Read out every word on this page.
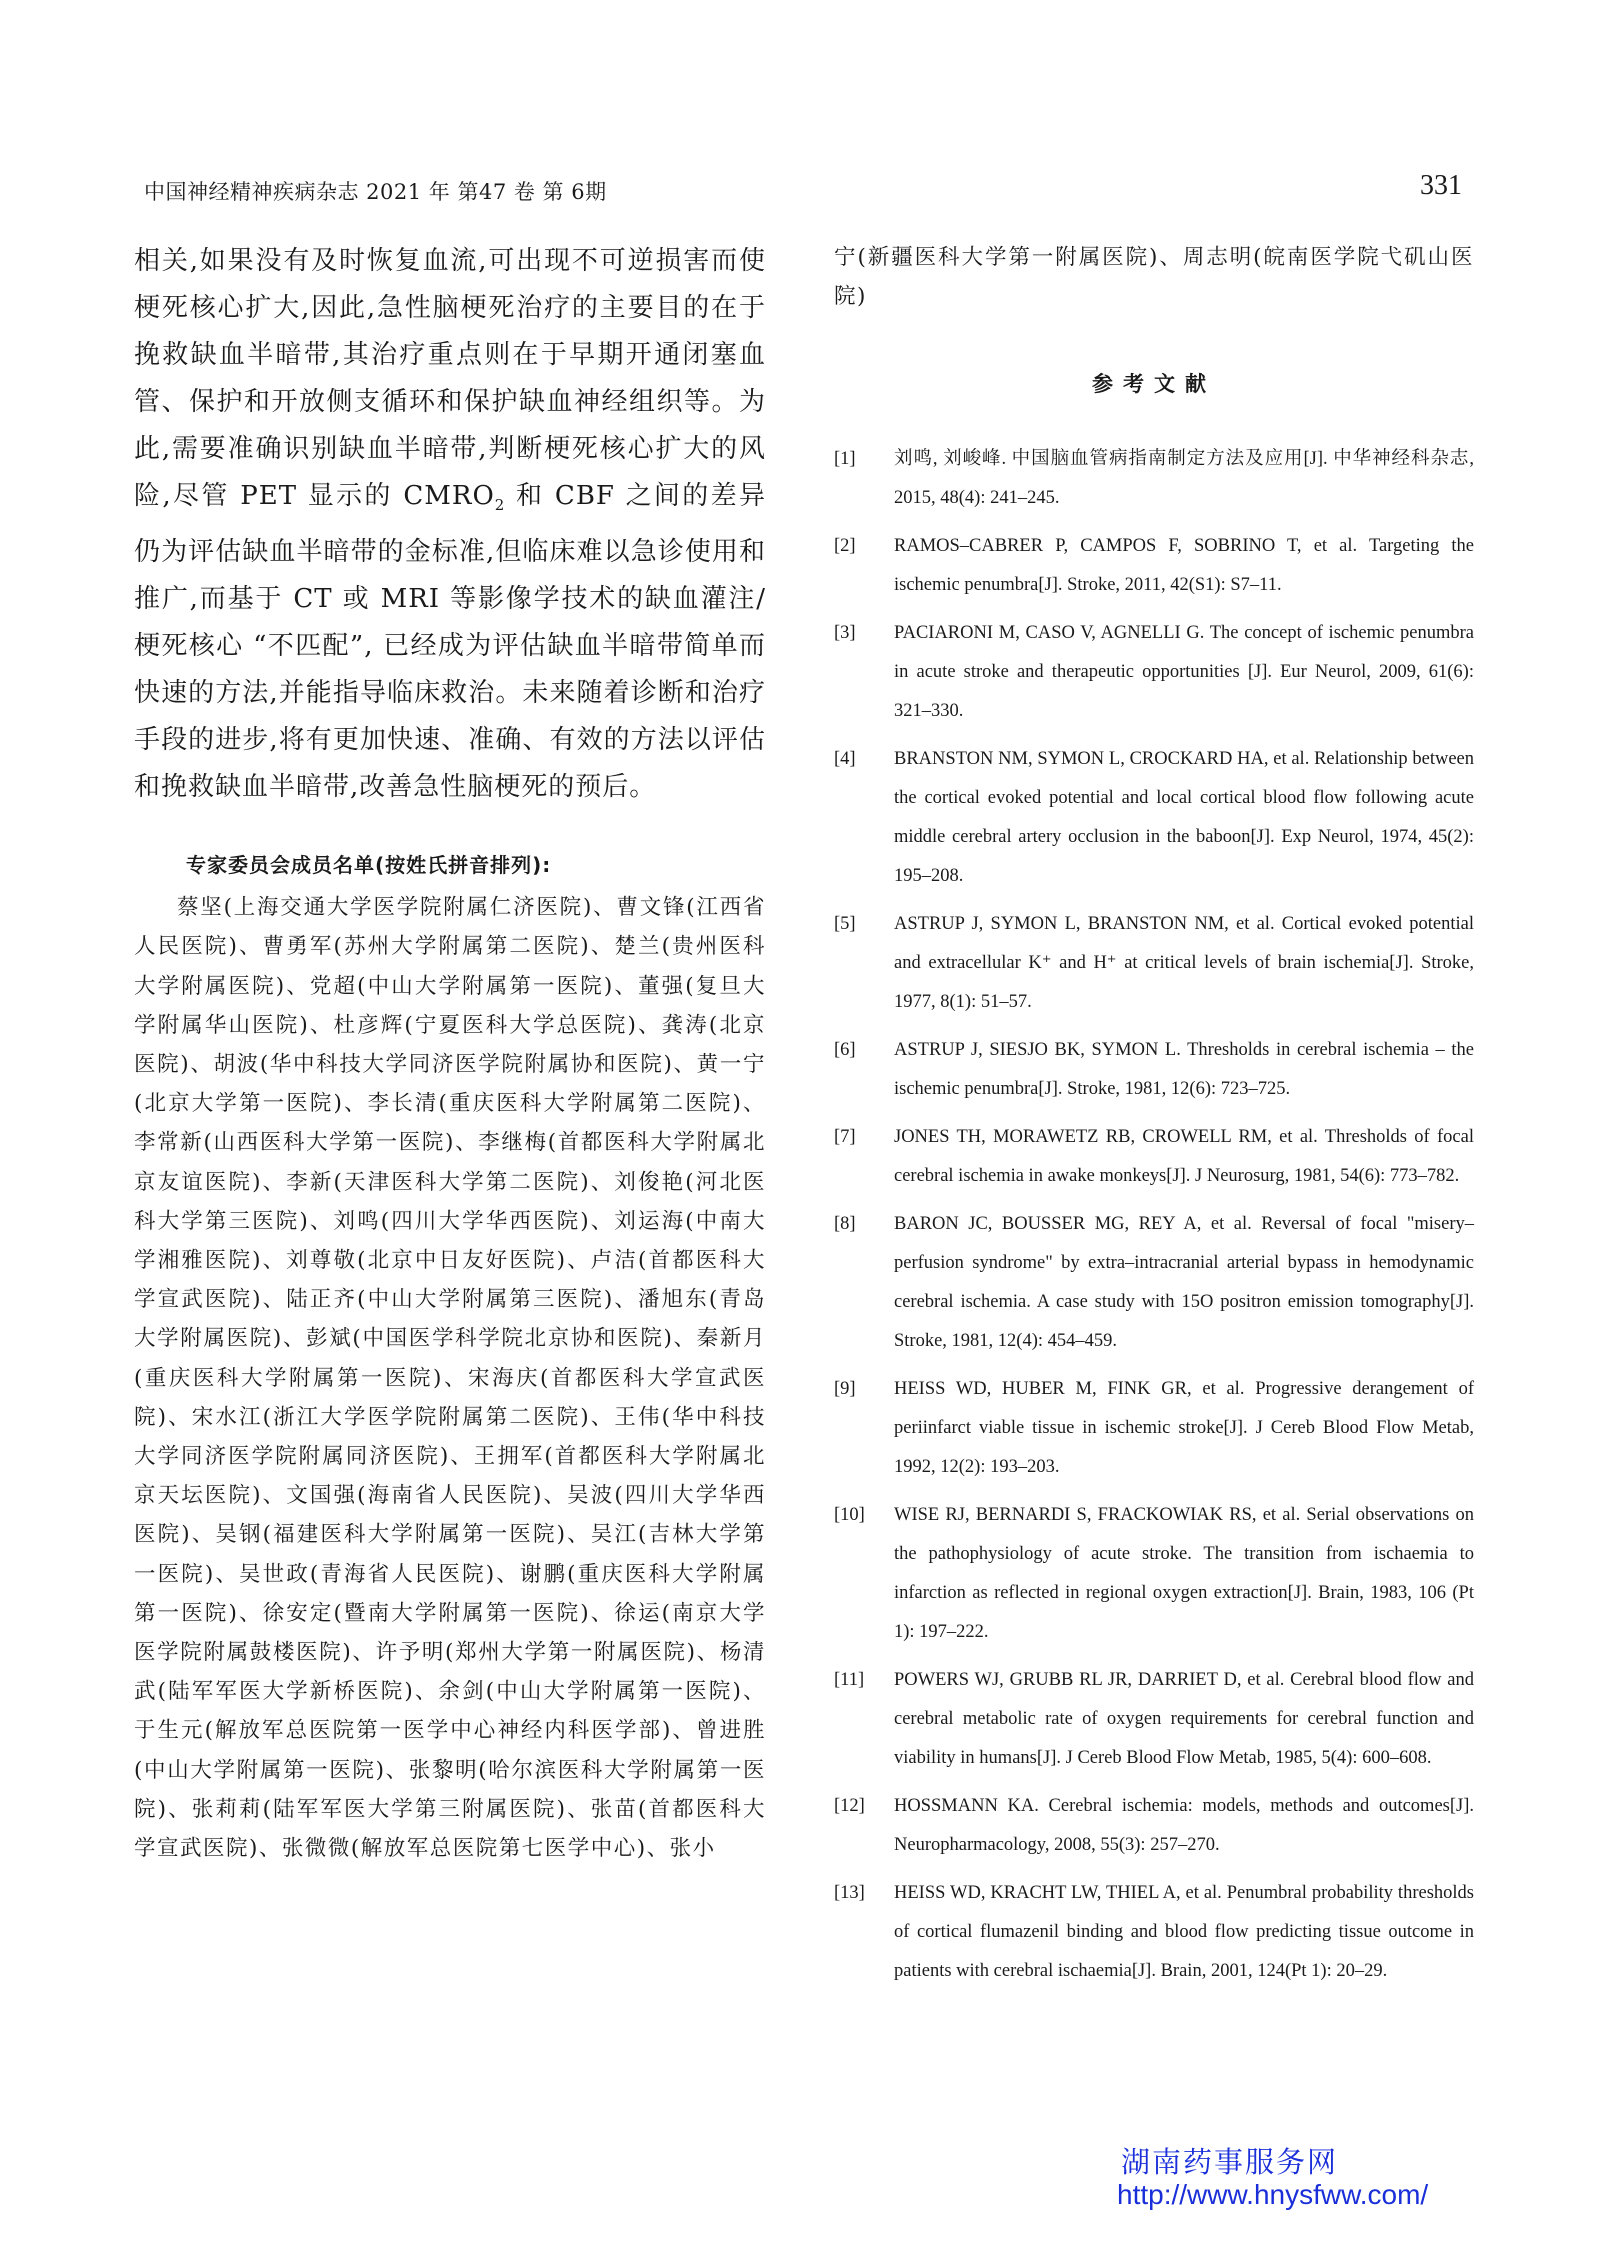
中国神经精神疾病杂志 2021 年 第47 卷 第 6期	331

相关,如果没有及时恢复血流,可出现不可逆损害而使梗死核心扩大,因此,急性脑梗死治疗的主要目的在于挽救缺血半暗带,其治疗重点则在于早期开通闭塞血管、保护和开放侧支循环和保护缺血神经组织等。为此,需要准确识别缺血半暗带,判断梗死核心扩大的风险,尽管 PET 显示的 $CMRO_2$ 和 CBF 之间的差异仍为评估缺血半暗带的金标准,但临床难以急诊使用和推广,而基于 CT 或 MRI 等影像学技术的缺血灌注/梗死核心 “不匹配”, 已经成为评估缺血半暗带简单而快速的方法,并能指导临床救治。未来随着诊断和治疗手段的进步,将有更加快速、准确、有效的方法以评估和挽救缺血半暗带,改善急性脑梗死的预后。

专家委员会成员名单(按姓氏拼音排列):

蔡坚(上海交通大学医学院附属仁济医院)、曹文锋(江西省人民医院)、曹勇军(苏州大学附属第二医院)、楚兰(贵州医科大学附属医院)、党超(中山大学附属第一医院)、董强(复旦大学附属华山医院)、杜彦辉(宁夏医科大学总医院)、龚涛(北京医院)、胡波(华中科技大学同济医学院附属协和医院)、黄一宁(北京大学第一医院)、李长清(重庆医科大学附属第二医院)、李常新(山西医科大学第一医院)、李继梅(首都医科大学附属北京友谊医院)、李新(天津医科大学第二医院)、刘俊艳(河北医科大学第三医院)、刘鸣(四川大学华西医院)、刘运海(中南大学湘雅医院)、刘尊敬(北京中日友好医院)、卢洁(首都医科大学宣武医院)、陆正齐(中山大学附属第三医院)、潘旭东(青岛大学附属医院)、彭斌(中国医学科学院北京协和医院)、秦新月(重庆医科大学附属第一医院)、宋海庆(首都医科大学宣武医院)、宋水江(浙江大学医学院附属第二医院)、王伟(华中科技大学同济医学院附属同济医院)、王拥军(首都医科大学附属北京天坛医院)、文国强(海南省人民医院)、吴波(四川大学华西医院)、吴钢(福建医科大学附属第一医院)、吴江(吉林大学第一医院)、吴世政(青海省人民医院)、谢鹏(重庆医科大学附属第一医院)、徐安定(暨南大学附属第一医院)、徐运(南京大学医学院附属鼓楼医院)、许予明(郑州大学第一附属医院)、杨清武(陆军军医大学新桥医院)、余剑(中山大学附属第一医院)、于生元(解放军总医院第一医学中心神经内科医学部)、曾进胜(中山大学附属第一医院)、张黎明(哈尔滨医科大学附属第一医院)、张莉莉(陆军军医大学第三附属医院)、张苗(首都医科大学宣武医院)、张微微(解放军总医院第七医学中心)、张小

宁(新疆医科大学第一附属医院)、周志明(皖南医学院弋矶山医院)

参考文献
[1]	刘鸣, 刘峻峰. 中国脑血管病指南制定方法及应用[J]. 中华神经科杂志, 2015, 48(4): 241–245.
[2]	RAMOS–CABRER P, CAMPOS F, SOBRINO T, et al. Targeting the ischemic penumbra[J]. Stroke, 2011, 42(S1): S7–11.
[3]	PACIARONI M, CASO V, AGNELLI G. The concept of ischemic penumbra in acute stroke and therapeutic opportunities [J]. Eur Neurol, 2009, 61(6): 321–330.
[4]	BRANSTON NM, SYMON L, CROCKARD HA, et al. Relationship between the cortical evoked potential and local cortical blood flow following acute middle cerebral artery occlusion in the baboon[J]. Exp Neurol, 1974, 45(2): 195–208.
[5]	ASTRUP J, SYMON L, BRANSTON NM, et al. Cortical evoked potential and extracellular K⁺ and H⁺ at critical levels of brain ischemia[J]. Stroke, 1977, 8(1): 51–57.
[6]	ASTRUP J, SIESJO BK, SYMON L. Thresholds in cerebral ischemia – the ischemic penumbra[J]. Stroke, 1981, 12(6): 723–725.
[7]	JONES TH, MORAWETZ RB, CROWELL RM, et al. Thresholds of focal cerebral ischemia in awake monkeys[J]. J Neurosurg, 1981, 54(6): 773–782.
[8]	BARON JC, BOUSSER MG, REY A, et al. Reversal of focal "misery–perfusion syndrome" by extra–intracranial arterial bypass in hemodynamic cerebral ischemia. A case study with 15O positron emission tomography[J]. Stroke, 1981, 12(4): 454–459.
[9]	HEISS WD, HUBER M, FINK GR, et al. Progressive derangement of periinfarct viable tissue in ischemic stroke[J]. J Cereb Blood Flow Metab, 1992, 12(2): 193–203.
[10]	WISE RJ, BERNARDI S, FRACKOWIAK RS, et al. Serial observations on the pathophysiology of acute stroke. The transition from ischaemia to infarction as reflected in regional oxygen extraction[J]. Brain, 1983, 106 (Pt 1): 197–222.
[11]	POWERS WJ, GRUBB RL JR, DARRIET D, et al. Cerebral blood flow and cerebral metabolic rate of oxygen requirements for cerebral function and viability in humans[J]. J Cereb Blood Flow Metab, 1985, 5(4): 600–608.
[12]	HOSSMANN KA. Cerebral ischemia: models, methods and outcomes[J]. Neuropharmacology, 2008, 55(3): 257–270.
[13]	HEISS WD, KRACHT LW, THIEL A, et al. Penumbral probability thresholds of cortical flumazenil binding and blood flow predicting tissue outcome in patients with cerebral ischaemia[J]. Brain, 2001, 124(Pt 1): 20–29.
湖南药事服务网
http://www.hnysfww.com/
